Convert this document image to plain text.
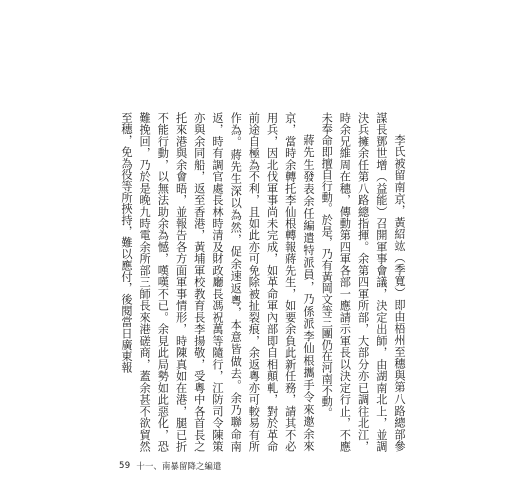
李氏被留南京，黃紹竑（季寬）即由梧州至穗與第八路總部參謀長鄧世增（益能）召開軍事會議，決定出師，由湖南北上，並調決兵擁余任第八路總指揮。余第四軍所部，大部分亦已調往北江，時余兄維周在穗，傳動第四軍各部一應請示軍長以決定行止，不應未奉命即擅自行動。於是，乃有黃岡文等三團仍在河南不動。

蔣先生發表余任編遣特派員，乃係派李仙根攜手令來邀余來京，當時余轉托李仙根轉報蔣先生，如要余負此新任務，請其不必用兵，因北伐軍事尚未完成，如革命軍內部即自相顛軋，對於革命前途自極為不利，且如此亦可免除被扯裂痕，余返粵亦可較易有所作為。蔣先生深以為然，促余速返粵，本意皆做去。余乃聯命南返，時有調官處長林時清及財政廳長馮祝萬等隨行，江防司令陳策亦與余同船，返至香港，黃埔軍校教育長李揚敬，受粵中各首長之托來港與余會晤，並報告各方面軍事情形，時陳真如在港，腿已折不能行動，以無法助余為憾，嘆嘆不已。余見此局勢如此惡化，恐難挽回，乃於是晚九時電余所部三師長來港磋商，蓋余甚不欲貿然至穗，免為役等所挾持，難以應付，後閱當日廣東報

59 十一、南暴留降之編遣
